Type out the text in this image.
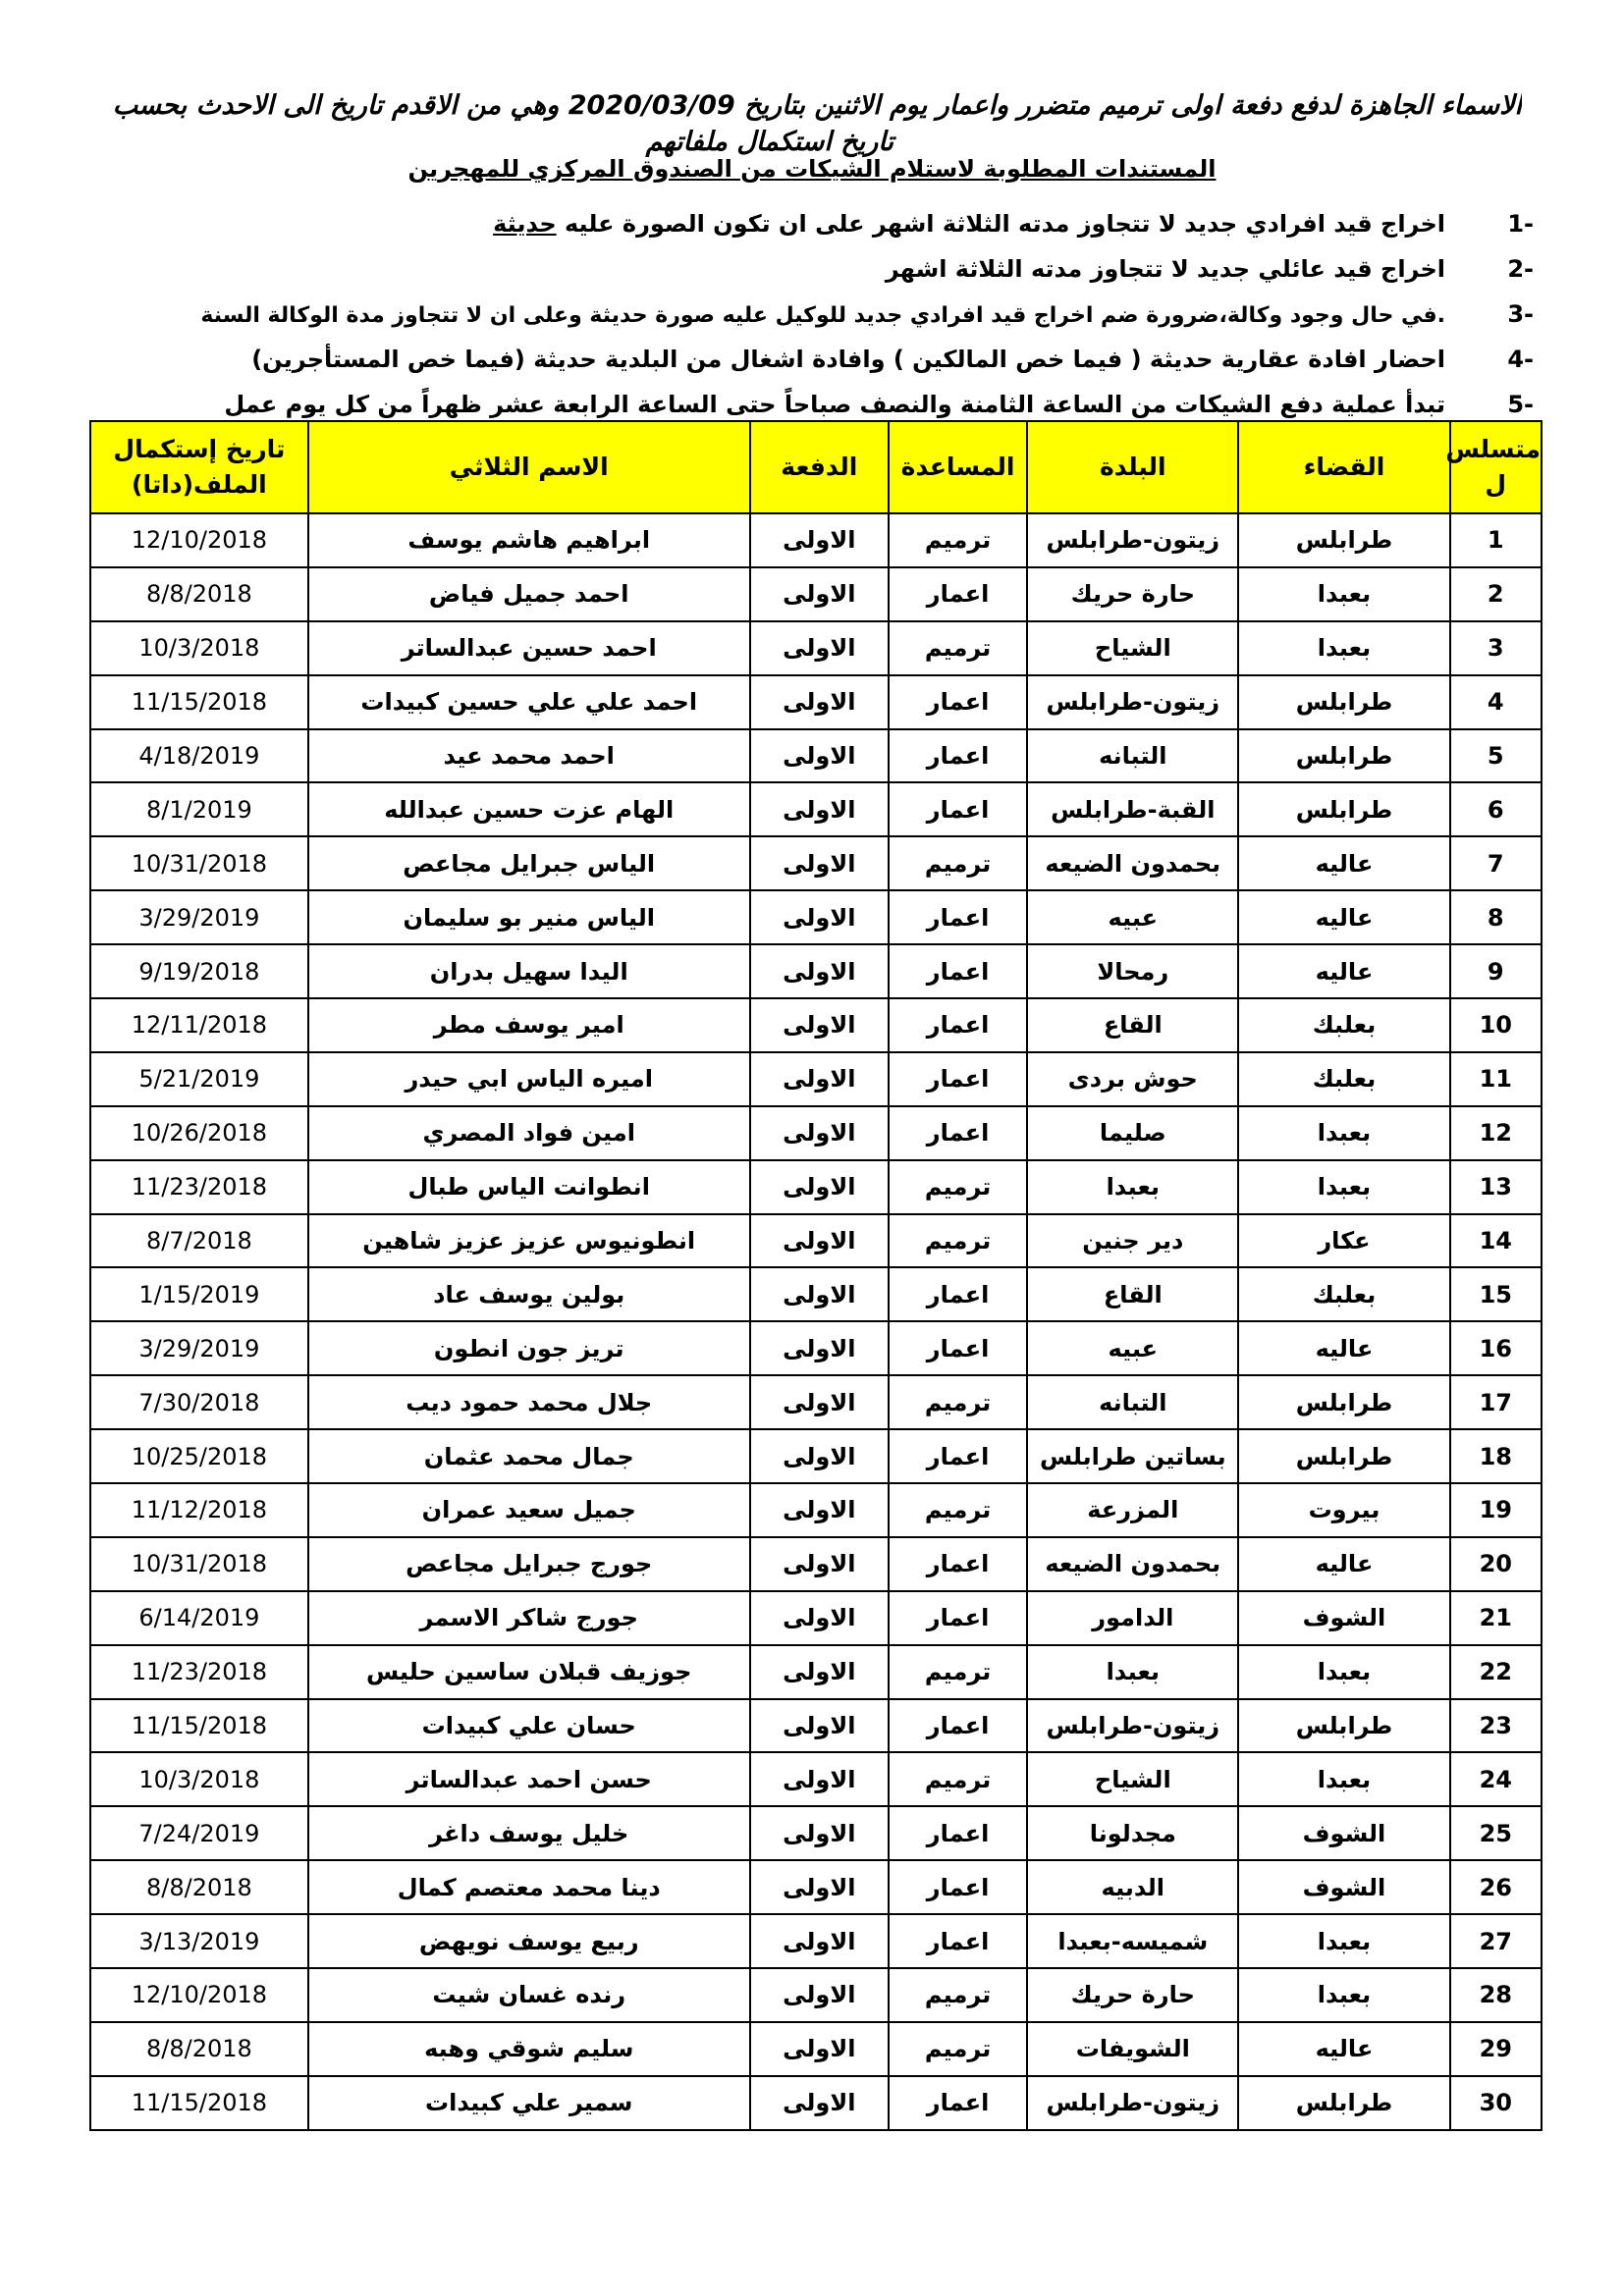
الاسماء الجاهزة لدفع دفعة اولى ترميم متضرر واعمار يوم الاثنين بتاريخ 2020/03/09 وهي من الاقدم تاريخ الى الاحدث بحسب
تاريخ استكمال ملفاتهم
المستندات المطلوبة لاستلام الشيكات من الصندوق المركزي للمهجرين
1-اخراج قيد افرادي جديد لا تتجاوز مدته الثلاثة اشهر على ان تكون الصورة عليه حديثة
2-اخراج قيد عائلي جديد لا تتجاوز مدته الثلاثة اشهر
3-.في حال وجود وكالة،ضرورة ضم اخراج قيد افرادي جديد للوكيل عليه صورة حديثة وعلى ان لا تتجاوز مدة الوكالة السنة
4-احضار افادة عقارية حديثة ( فيما خص المالكين ) وافادة اشغال من البلدية حديثة (فيما خص المستأجرين)
5-تبدأ عملية دفع الشيكات من الساعة الثامنة والنصف صباحاً حتى الساعة الرابعة عشر ظهراً من كل يوم عمل
متسلس
ل	القضاء	البلدة	المساعدة	الدفعة	الاسم الثلاثي	تاريخ إستكمال
الملف(داتا)
1	طرابلس	زيتون-طرابلس	ترميم	الاولى	ابراهيم هاشم يوسف	12/10/2018
2	بعبدا	حارة حريك	اعمار	الاولى	احمد جميل فياض	8/8/2018
3	بعبدا	الشياح	ترميم	الاولى	احمد حسين عبدالساتر	10/3/2018
4	طرابلس	زيتون-طرابلس	اعمار	الاولى	احمد علي علي حسين كبيدات	11/15/2018
5	طرابلس	التبانه	اعمار	الاولى	احمد محمد عيد	4/18/2019
6	طرابلس	القبة-طرابلس	اعمار	الاولى	الهام عزت حسين عبدالله	8/1/2019
7	عاليه	بحمدون الضيعه	ترميم	الاولى	الياس جبرايل مجاعص	10/31/2018
8	عاليه	عبيه	اعمار	الاولى	الياس منير بو سليمان	3/29/2019
9	عاليه	رمحالا	اعمار	الاولى	اليدا سهيل بدران	9/19/2018
10	بعلبك	القاع	اعمار	الاولى	امير يوسف مطر	12/11/2018
11	بعلبك	حوش بردى	اعمار	الاولى	اميره الياس ابي حيدر	5/21/2019
12	بعبدا	صليما	اعمار	الاولى	امين فواد المصري	10/26/2018
13	بعبدا	بعبدا	ترميم	الاولى	انطوانت الياس طبال	11/23/2018
14	عكار	دير جنين	ترميم	الاولى	انطونيوس عزيز عزيز شاهين	8/7/2018
15	بعلبك	القاع	اعمار	الاولى	بولين يوسف عاد	1/15/2019
16	عاليه	عبيه	اعمار	الاولى	تريز جون انطون	3/29/2019
17	طرابلس	التبانه	ترميم	الاولى	جلال محمد حمود ديب	7/30/2018
18	طرابلس	بساتين طرابلس	اعمار	الاولى	جمال محمد عثمان	10/25/2018
19	بيروت	المزرعة	ترميم	الاولى	جميل سعيد عمران	11/12/2018
20	عاليه	بحمدون الضيعه	اعمار	الاولى	جورج جبرايل مجاعص	10/31/2018
21	الشوف	الدامور	اعمار	الاولى	جورج شاكر الاسمر	6/14/2019
22	بعبدا	بعبدا	ترميم	الاولى	جوزيف قبلان ساسين حليس	11/23/2018
23	طرابلس	زيتون-طرابلس	اعمار	الاولى	حسان علي كبيدات	11/15/2018
24	بعبدا	الشياح	ترميم	الاولى	حسن احمد عبدالساتر	10/3/2018
25	الشوف	مجدلونا	اعمار	الاولى	خليل يوسف داغر	7/24/2019
26	الشوف	الدبيه	اعمار	الاولى	دينا محمد معتصم كمال	8/8/2018
27	بعبدا	شميسه-بعبدا	اعمار	الاولى	ربيع يوسف نويهض	3/13/2019
28	بعبدا	حارة حريك	ترميم	الاولى	رنده غسان شيت	12/10/2018
29	عاليه	الشويفات	ترميم	الاولى	سليم شوقي وهبه	8/8/2018
30	طرابلس	زيتون-طرابلس	اعمار	الاولى	سمير علي كبيدات	11/15/2018
